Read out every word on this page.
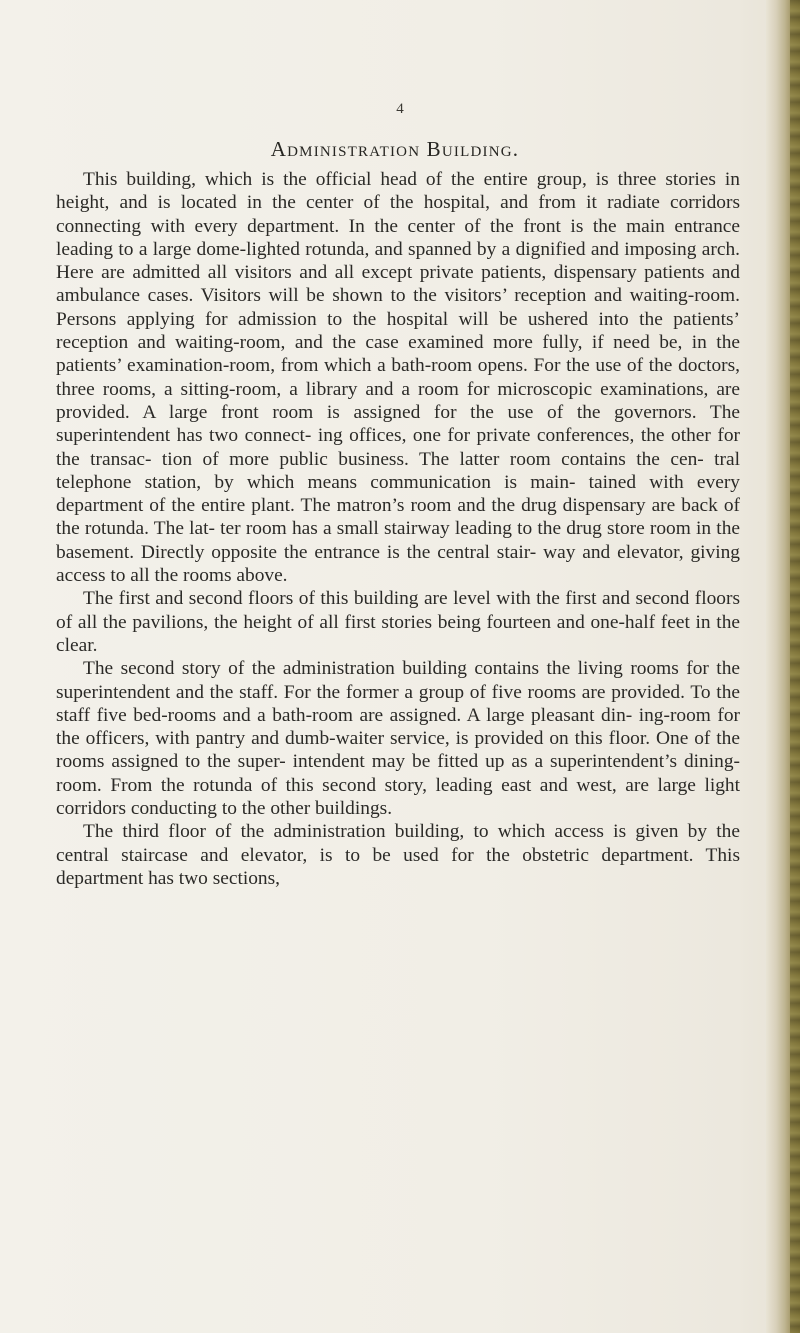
4
Administration Building.

This building, which is the official head of the entire group, is three stories in height, and is located in the center of the hospital, and from it radiate corridors connecting with every department. In the center of the front is the main entrance leading to a large dome-lighted rotunda, and spanned by a dignified and imposing arch. Here are admitted all visitors and all except private patients, dispensary patients and ambulance cases. Visitors will be shown to the visitors’ reception and waiting-room. Persons applying for admission to the hospital will be ushered into the patients’ reception and waiting-room, and the case examined more fully, if need be, in the patients’ examination-room, from which a bath-room opens. For the use of the doctors, three rooms, a sitting-room, a library and a room for microscopic examinations, are provided. A large front room is assigned for the use of the governors. The superintendent has two connect- ing offices, one for private conferences, the other for the transac- tion of more public business. The latter room contains the cen- tral telephone station, by which means communication is main- tained with every department of the entire plant. The matron’s room and the drug dispensary are back of the rotunda. The lat- ter room has a small stairway leading to the drug store room in the basement. Directly opposite the entrance is the central stair- way and elevator, giving access to all the rooms above.

The first and second floors of this building are level with the first and second floors of all the pavilions, the height of all first stories being fourteen and one-half feet in the clear.

The second story of the administration building contains the living rooms for the superintendent and the staff. For the former a group of five rooms are provided. To the staff five bed-rooms and a bath-room are assigned. A large pleasant din- ing-room for the officers, with pantry and dumb-waiter service, is provided on this floor. One of the rooms assigned to the super- intendent may be fitted up as a superintendent’s dining-room. From the rotunda of this second story, leading east and west, are large light corridors conducting to the other buildings.

The third floor of the administration building, to which access is given by the central staircase and elevator, is to be used for the obstetric department. This department has two sections,
